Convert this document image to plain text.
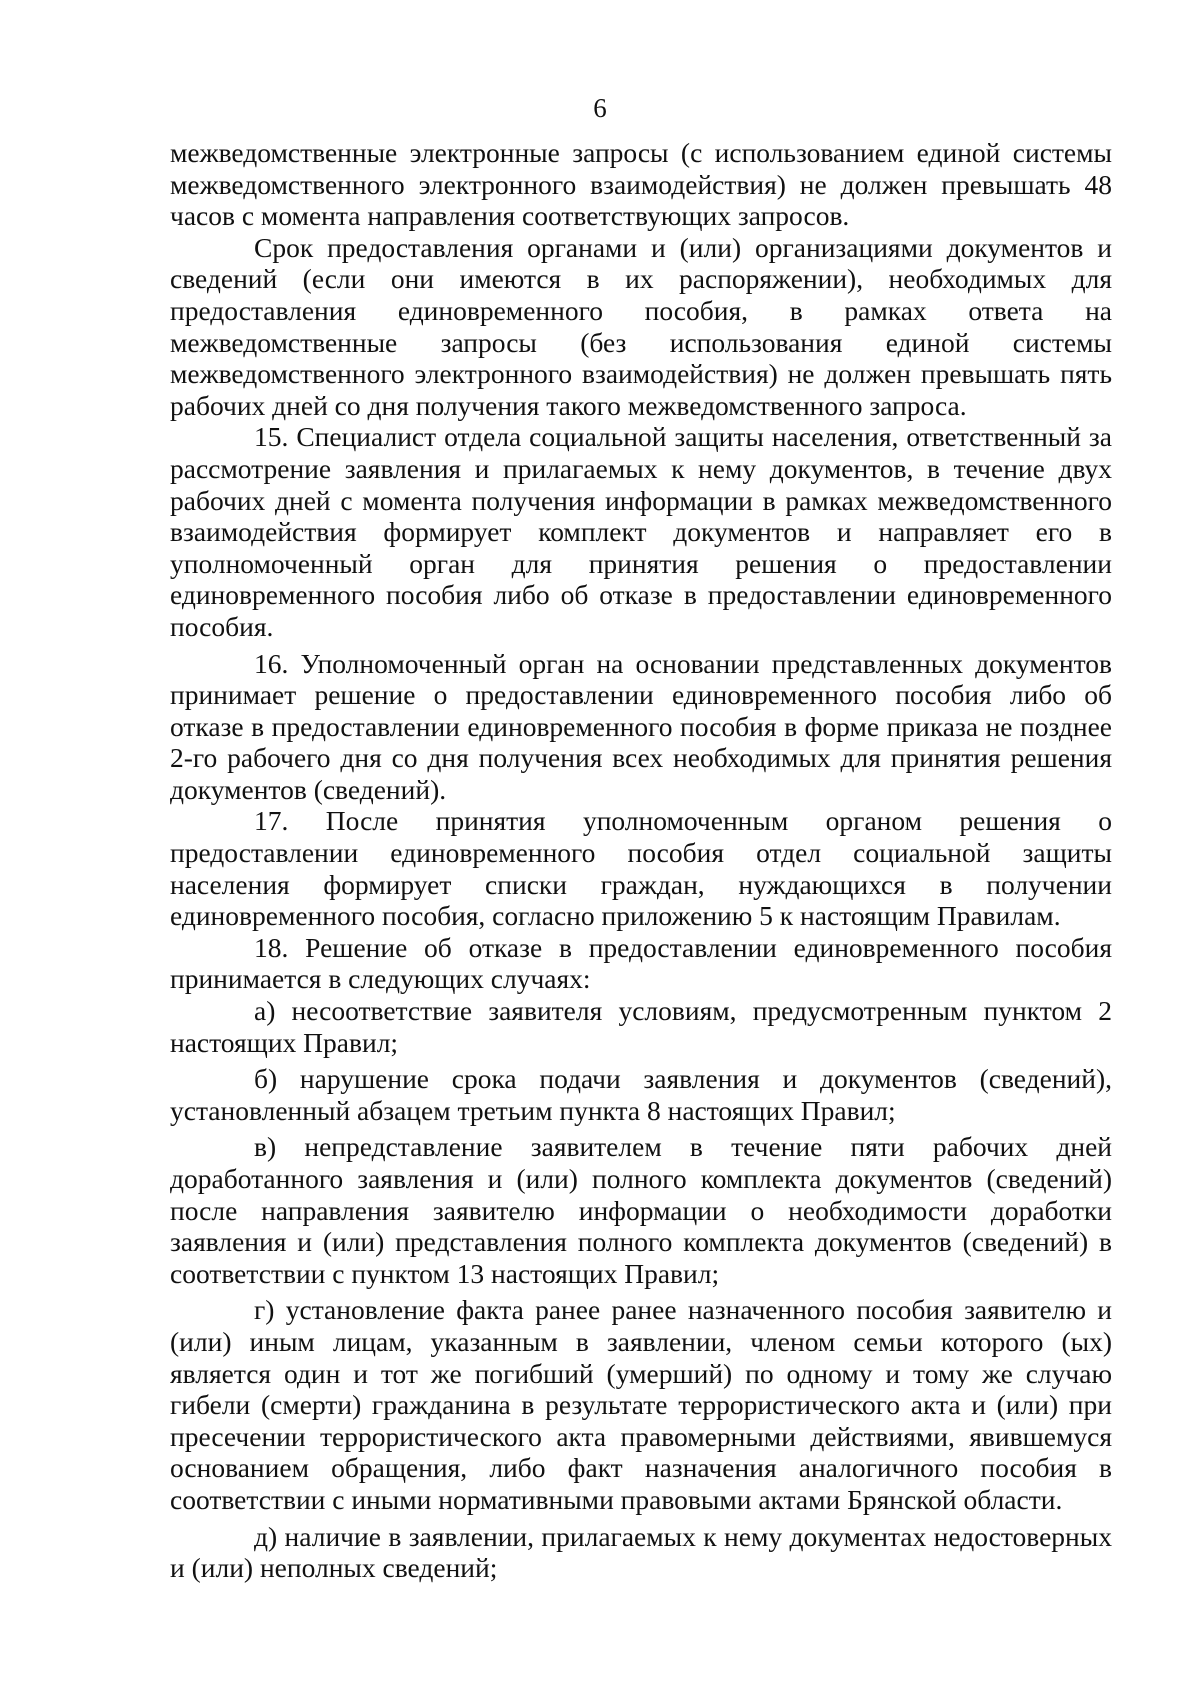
6

межведомственные электронные запросы (с использованием единой системы межведомственного электронного взаимодействия) не должен превышать 48 часов с момента направления соответствующих запросов.

Срок предоставления органами и (или) организациями документов и сведений (если они имеются в их распоряжении), необходимых для предоставления единовременного пособия, в рамках ответа на межведомственные запросы (без использования единой системы межведомственного электронного взаимодействия) не должен превышать пять рабочих дней со дня получения такого межведомственного запроса.

15. Специалист отдела социальной защиты населения, ответственный за рассмотрение заявления и прилагаемых к нему документов, в течение двух рабочих дней с момента получения информации в рамках межведомственного взаимодействия формирует комплект документов и направляет его в уполномоченный орган для принятия решения о предоставлении единовременного пособия либо об отказе в предоставлении единовременного пособия.

16. Уполномоченный орган на основании представленных документов принимает решение о предоставлении единовременного пособия либо об отказе в предоставлении единовременного пособия в форме приказа не позднее 2-го рабочего дня со дня получения всех необходимых для принятия решения документов (сведений).

17. После принятия уполномоченным органом решения о предоставлении единовременного пособия отдел социальной защиты населения формирует списки граждан, нуждающихся в получении единовременного пособия, согласно приложению 5 к настоящим Правилам.

18. Решение об отказе в предоставлении единовременного пособия принимается в следующих случаях:

а) несоответствие заявителя условиям, предусмотренным пунктом 2 настоящих Правил;

б) нарушение срока подачи заявления и документов (сведений), установленный абзацем третьим пункта 8 настоящих Правил;

в) непредставление заявителем в течение пяти рабочих дней доработанного заявления и (или) полного комплекта документов (сведений) после направления заявителю информации о необходимости доработки заявления и (или) представления полного комплекта документов (сведений) в соответствии с пунктом 13 настоящих Правил;

г) установление факта ранее ранее назначенного пособия заявителю и (или) иным лицам, указанным в заявлении, членом семьи которого (ых) является один и тот же погибший (умерший) по одному и тому же случаю гибели (смерти) гражданина в результате террористического акта и (или) при пресечении террористического акта правомерными действиями, явившемуся основанием обращения, либо факт назначения аналогичного пособия в соответствии с иными нормативными правовыми актами Брянской области.

д) наличие в заявлении, прилагаемых к нему документах недостоверных и (или) неполных сведений;
